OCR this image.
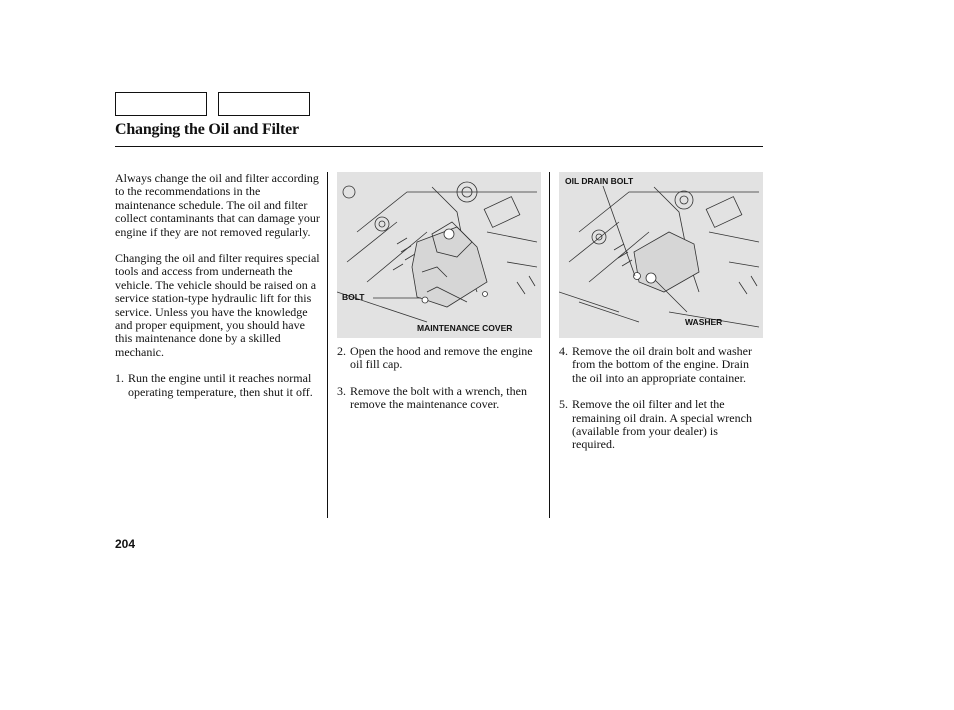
Changing the Oil and Filter

Always change the oil and filter according to the recommendations in the maintenance schedule. The oil and filter collect contaminants that can damage your engine if they are not removed regularly.

Changing the oil and filter requires special tools and access from underneath the vehicle. The vehicle should be raised on a service station-type hydraulic lift for this service. Unless you have the knowledge and proper equipment, you should have this maintenance done by a skilled mechanic.

1. Run the engine until it reaches normal operating temperature, then shut it off.
BOLT
MAINTENANCE COVER
2. Open the hood and remove the engine oil fill cap.
3. Remove the bolt with a wrench, then remove the maintenance cover.
OIL DRAIN BOLT
WASHER
4. Remove the oil drain bolt and washer from the bottom of the engine. Drain the oil into an appropriate container.
5. Remove the oil filter and let the remaining oil drain. A special wrench (available from your dealer) is required.
204
